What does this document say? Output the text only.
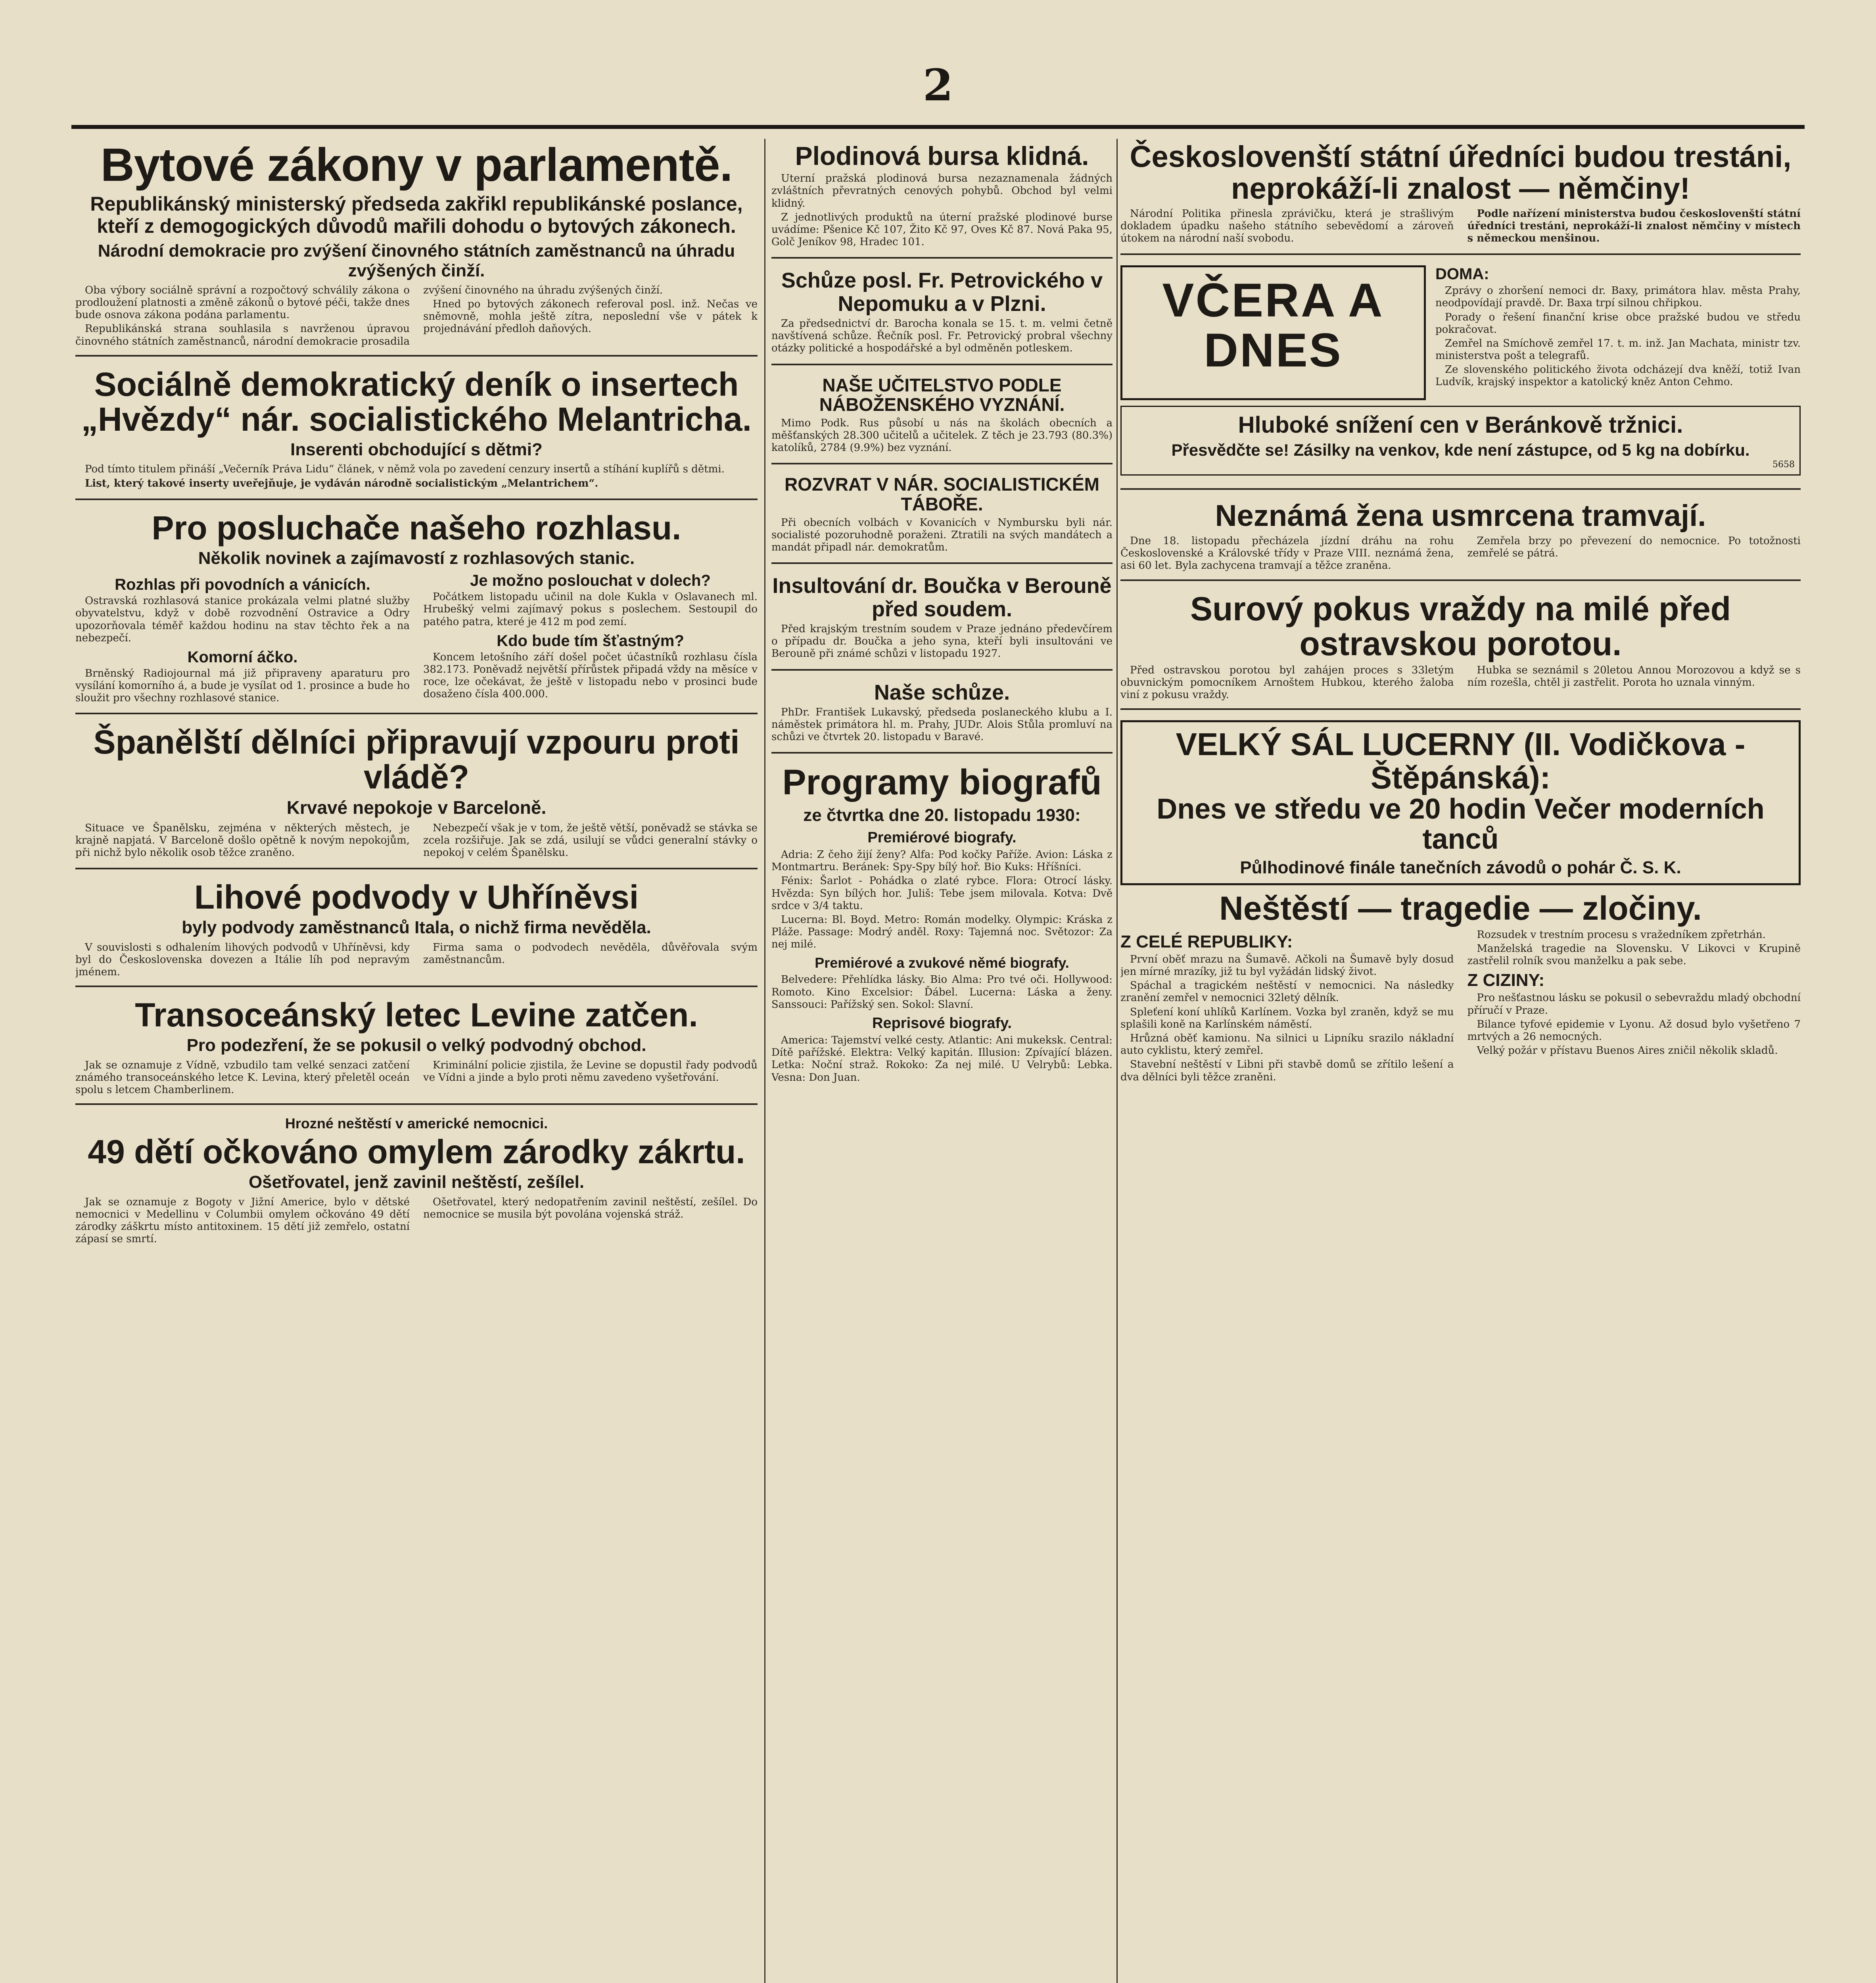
2
Bytové zákony v parlamentě.
Republikánský ministerský předseda zakřikl republikánské poslance, kteří z demogogických důvodů mařili dohodu o bytových zákonech.
Národní demokracie pro zvýšení činovného státních zaměstnanců na úhradu zvýšených činží.

Oba výbory sociálně správní a rozpočtový schválily zákona o prodloužení platnosti a změně zákonů o bytové péči, takže dnes bude osnova zákona podána parlamentu.

Republikánská strana souhlasila s navrženou úpravou činovného státních zaměstnanců, národní demokracie prosadila zvýšení činovného na úhradu zvýšených činží.

Hned po bytových zákonech referoval posl. inž. Nečas ve sněmovně, mohla ještě zítra, neposlední vše v pátek k projednávání předloh daňových.

Sociálně demokratický deník o insertech „Hvězdy“ nár. socialistického Melantricha.
Inserenti obchodující s dětmi?

Pod tímto titulem přináší „Večerník Práva Lidu“ článek, v němž vola po zavedení cenzury insertů a stíhání kuplířů s dětmi.

List, který takové inserty uveřejňuje, je vydáván národně socialistickým „Melantrichem“.

Pro posluchače našeho rozhlasu.
Několik novinek a zajímavostí z rozhlasových stanic.
Rozhlas při povodních a vánicích.

Ostravská rozhlasová stanice prokázala velmi platné služby obyvatelstvu, když v době rozvodnění Ostravice a Odry upozorňovala téměř každou hodinu na stav těchto řek a na nebezpečí.

Komorní áčko.

Brněnský Radiojournal má již připraveny aparaturu pro vysílání komorního á, a bude je vysílat od 1. prosince a bude ho sloužit pro všechny rozhlasové stanice.

Je možno poslouchat v dolech?

Počátkem listopadu učinil na dole Kukla v Oslavanech ml. Hrubešký velmi zajímavý pokus s poslechem. Sestoupil do patého patra, které je 412 m pod zemí.

Kdo bude tím šťastným?

Koncem letošního září došel počet účastníků rozhlasu čísla 382.173. Poněvadž největší přírůstek připadá vždy na měsíce v roce, lze očekávat, že ještě v listopadu nebo v prosinci bude dosaženo čísla 400.000.

Španělští dělníci připravují vzpouru proti vládě?
Krvavé nepokoje v Barceloně.

Situace ve Španělsku, zejména v některých městech, je krajně napjatá. V Barceloně došlo opětně k novým nepokojům, při nichž bylo několik osob těžce zraněno.

Nebezpečí však je v tom, že ještě větší, poněvadž se stávka se zcela rozšiřuje. Jak se zdá, usilují se vůdci generalní stávky o nepokoj v celém Španělsku.

Lihové podvody v Uhříněvsi
byly podvody zaměstnanců Itala, o nichž firma nevěděla.

V souvislosti s odhalením lihových podvodů v Uhříněvsi, kdy byl do Československa dovezen a Itálie líh pod nepravým jménem.

Firma sama o podvodech nevěděla, důvěřovala svým zaměstnancům.

Transoceánský letec Levine zatčen.
Pro podezření, že se pokusil o velký podvodný obchod.

Jak se oznamuje z Vídně, vzbudilo tam velké senzaci zatčení známého transoceánského letce K. Levina, který přeletěl oceán spolu s letcem Chamberlinem.

Kriminální policie zjistila, že Levine se dopustil řady podvodů ve Vídni a jinde a bylo proti němu zavedeno vyšetřování.

Hrozné neštěstí v americké nemocnici.
49 dětí očkováno omylem zárodky zákrtu.
Ošetřovatel, jenž zavinil neštěstí, zešílel.

Jak se oznamuje z Bogoty v Jižní Americe, bylo v dětské nemocnici v Medellinu v Columbii omylem očkováno 49 dětí zárodky záškrtu místo antitoxinem. 15 dětí již zemřelo, ostatní zápasí se smrtí.

Ošetřovatel, který nedopatřením zavinil neštěstí, zešílel. Do nemocnice se musila být povolána vojenská stráž.

Plodinová bursa klidná.

Uterní pražská plodinová bursa nezaznamenala žádných zvláštních převratných cenových pohybů. Obchod byl velmi klidný.

Z jednotlivých produktů na úterní pražské plodinové burse uvádíme: Pšenice Kč 107, Žito Kč 97, Oves Kč 87. Nová Paka 95, Golč Jeníkov 98, Hradec 101.

Schůze posl. Fr. Petrovického v Nepomuku a v Plzni.

Za předsednictví dr. Barocha konala se 15. t. m. velmi četně navštívená schůze. Řečník posl. Fr. Petrovický probral všechny otázky politické a hospodářské a byl odměněn potleskem.

NAŠE UČITELSTVO PODLE NÁBOŽENSKÉHO VYZNÁNÍ.

Mimo Podk. Rus působí u nás na školách obecních a měšťanských 28.300 učitelů a učitelek. Z těch je 23.793 (80.3%) katolíků, 2784 (9.9%) bez vyznání.

ROZVRAT V NÁR. SOCIALISTICKÉM TÁBOŘE.

Při obecních volbách v Kovanicích v Nymbursku byli nár. socialisté pozoruhodně poraženi. Ztratili na svých mandátech a mandát připadl nár. demokratům.

Insultování dr. Boučka v Berouně před soudem.

Před krajským trestním soudem v Praze jednáno předevčírem o případu dr. Boučka a jeho syna, kteří byli insultováni ve Berouně při známé schůzi v listopadu 1927.

Naše schůze.

PhDr. František Lukavský, předseda poslaneckého klubu a I. náměstek primátora hl. m. Prahy, JUDr. Alois Stůla promluví na schůzi ve čtvrtek 20. listopadu v Baravé.

Programy biografů
ze čtvrtka dne 20. listopadu 1930:
Premiérové biografy.

Adria: Z čeho žijí ženy? Alfa: Pod kočky Paříže. Avion: Láska z Montmartru. Beránek: Spy-Spy bílý hoř. Bio Kuks: Hříšníci.

Fénix: Šarlot - Pohádka o zlaté rybce. Flora: Otrocí lásky. Hvězda: Syn bílých hor. Juliš: Tebe jsem milovala. Kotva: Dvě srdce v 3/4 taktu.

Lucerna: Bl. Boyd. Metro: Román modelky. Olympic: Kráska z Pláže. Passage: Modrý anděl. Roxy: Tajemná noc. Světozor: Za nej milé.

Premiérové a zvukové němé biografy.

Belvedere: Přehlídka lásky. Bio Alma: Pro tvé oči. Hollywood: Romoto. Kino Excelsior: Ďábel. Lucerna: Láska a ženy. Sanssouci: Pařížský sen. Sokol: Slavní.

Reprisové biografy.

America: Tajemství velké cesty. Atlantic: Ani mukeksk. Central: Dítě pařížské. Elektra: Velký kapitán. Illusion: Zpívající blázen. Letka: Noční straž. Rokoko: Za nej milé. U Velrybů: Lebka. Vesna: Don Juan.

Českoslovenští státní úředníci budou trestáni, neprokáží-li znalost — němčiny!

Národní Politika přinesla zprávičku, která je strašlivým dokladem úpadku našeho státního sebevědomí a zároveň útokem na národní naší svobodu.

Podle nařízení ministerstva budou českoslovenští státní úředníci trestáni, neprokáží-li znalost němčiny v místech s německou menšinou.

VČERA A DNES
DOMA:

Zprávy o zhoršení nemoci dr. Baxy, primátora hlav. města Prahy, neodpovídají pravdě. Dr. Baxa trpí silnou chřipkou.

Porady o řešení finanční krise obce pražské budou ve středu pokračovat.

Zemřel na Smíchově zemřel 17. t. m. inž. Jan Machata, ministr tzv. ministerstva pošt a telegrafů.

Ze slovenského politického života odcházejí dva kněží, totiž Ivan Ludvík, krajský inspektor a katolický kněz Anton Cehmo.

Hluboké snížení cen v Beránkově tržnici.
Přesvědčte se! Zásilky na venkov, kde není zástupce, od 5 kg na dobírku.
5658
Neznámá žena usmrcena tramvají.

Dne 18. listopadu přecházela jízdní dráhu na rohu Československé a Královské třídy v Praze VIII. neznámá žena, asi 60 let. Byla zachycena tramvají a těžce zraněna.

Zemřela brzy po převezení do nemocnice. Po totožnosti zemřelé se pátrá.

Surový pokus vraždy na milé před ostravskou porotou.

Před ostravskou porotou byl zahájen proces s 33letým obuvnickým pomocníkem Arnoštem Hubkou, kterého žaloba viní z pokusu vraždy.

Hubka se seznámil s 20letou Annou Morozovou a když se s ním rozešla, chtěl ji zastřelit. Porota ho uznala vinným.

VELKÝ SÁL LUCERNY (II. Vodičkova - Štěpánská):
Dnes ve středu ve 20 hodin Večer moderních tanců
Půlhodinové finále tanečních závodů o pohár Č. S. K.
Neštěstí — tragedie — zločiny.
Z CELÉ REPUBLIKY:

První oběť mrazu na Šumavě. Ačkoli na Šumavě byly dosud jen mírné mrazíky, již tu byl vyžádán lidský život.

Spáchal a tragickém neštěstí v nemocnici. Na následky zranění zemřel v nemocnici 32letý dělník.

Spleťení koní uhlíků Karlínem. Vozka byl zraněn, když se mu splašili koně na Karlínském náměstí.

Hrůzná oběť kamionu. Na silnici u Lipníku srazilo nákladní auto cyklistu, který zemřel.

Stavební neštěstí v Libni při stavbě domů se zřítilo lešení a dva dělníci byli těžce zraněni.

Rozsudek v trestním procesu s vražedníkem zpřetrhán.

Manželská tragedie na Slovensku. V Likovci v Krupině zastřelil rolník svou manželku a pak sebe.

Z CIZINY:

Pro nešťastnou lásku se pokusil o sebevraždu mladý obchodní příručí v Praze.

Bilance tyfové epidemie v Lyonu. Až dosud bylo vyšetřeno 7 mrtvých a 26 nemocných.

Velký požár v přístavu Buenos Aires zničil několik skladů.
